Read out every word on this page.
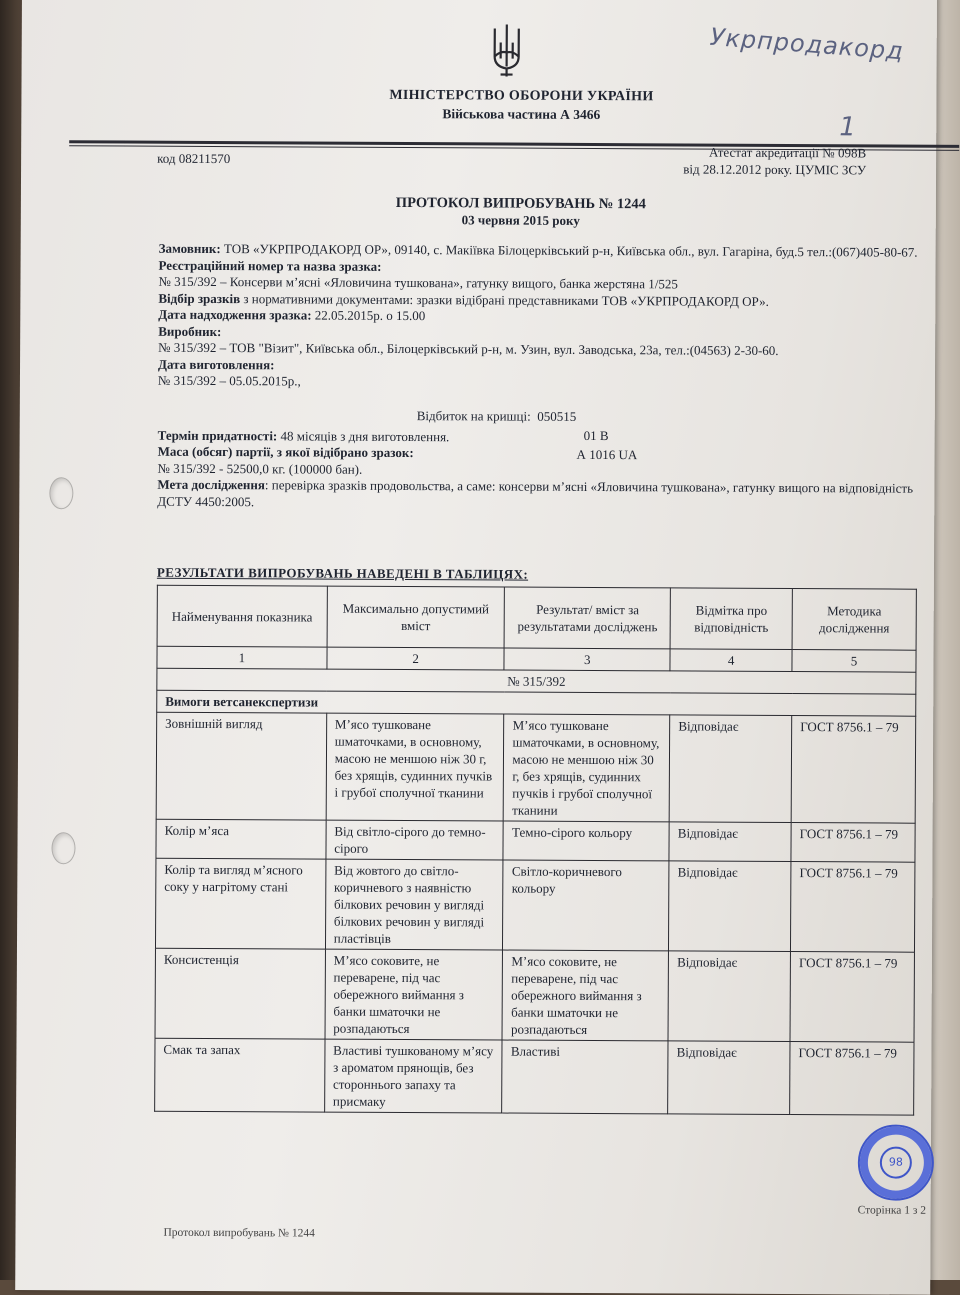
Укрпродакорд
1
МІНІСТЕРСТВО ОБОРОНИ УКРАЇНИ
Військова частина А 3466
код 08211570	Атестат акредитації № 098В
від 28.12.2012 року. ЦУМІС ЗСУ
ПРОТОКОЛ ВИПРОБУВАНЬ № 1244
03 червня 2015 року
Замовник: ТОВ «УКРПРОДАКОРД ОР», 09140, с. Макіївка Білоцерківський р-н, Київська обл., вул. Гагаріна, буд.5 тел.:(067)405-80-67.
Реєстраційний номер та назва зразка:
№ 315/392 – Консерви м’ясні «Яловичина тушкована», гатунку вищого, банка жерстяна 1/525
Відбір зразків з нормативними документами: зразки відібрані представниками ТОВ «УКРПРОДАКОРД ОР».
Дата надходження зразка: 22.05.2015р. о 15.00
Виробник:
№ 315/392 – ТОВ "Візит", Київська обл., Білоцерківський р-н, м. Узин, вул. Заводська, 23а, тел.:(04563) 2-30-60.
Дата виготовлення:
№ 315/392 – 05.05.2015р.,
Термін придатності: 48 місяців з дня виготовлення.
Маса (обсяг) партії, з якої відібрано зразок:
№ 315/392 - 52500,0 кг. (100000 бан).
Мета дослідження: перевірка зразків продовольства, а саме: консерви м’ясні «Яловичина тушкована», гатунку вищого на відповідність ДСТУ 4450:2005.
Відбиток на кришці: 050515
01 В
А 1016 UA
РЕЗУЛЬТАТИ ВИПРОБУВАНЬ НАВЕДЕНІ В ТАБЛИЦЯХ:
Найменування показника	Максимально допустимий вміст	Результат/ вміст за результатами досліджень	Відмітка про відповідність	Методика дослідження
1	2	3	4	5
№ 315/392				
Вимоги ветсанекспертизи				
Зовнішній вигляд	М’ясо тушковане шматочками, в основному, масою не меншою ніж 30 г, без хрящів, судинних пучків і грубої сполучної тканини	М’ясо тушковане шматочками, в основному, масою не меншою ніж 30 г, без хрящів, судинних пучків і грубої сполучної тканини	Відповідає	ГОСТ 8756.1 – 79
Колір м’яса	Від світло-сірого до темно-сірого	Темно-сірого кольору	Відповідає	ГОСТ 8756.1 – 79
Колір та вигляд м’ясного соку у нагрітому стані	Від жовтого до світло-коричневого з наявністю білкових речовин у вигляді білкових речовин у вигляді пластівців	Світло-коричневого кольору	Відповідає	ГОСТ 8756.1 – 79
Консистенція	М’ясо соковите, не переварене, під час обережного виймання з банки шматочки не розпадаються	М’ясо соковите, не переварене, під час обережного виймання з банки шматочки не розпадаються	Відповідає	ГОСТ 8756.1 – 79
Смак та запах	Властиві тушкованому м’ясу з ароматом прянощів, без стороннього запаху та присмаку	Властиві	Відповідає	ГОСТ 8756.1 – 79
98
Сторінка 1 з 2
Протокол випробувань № 1244
